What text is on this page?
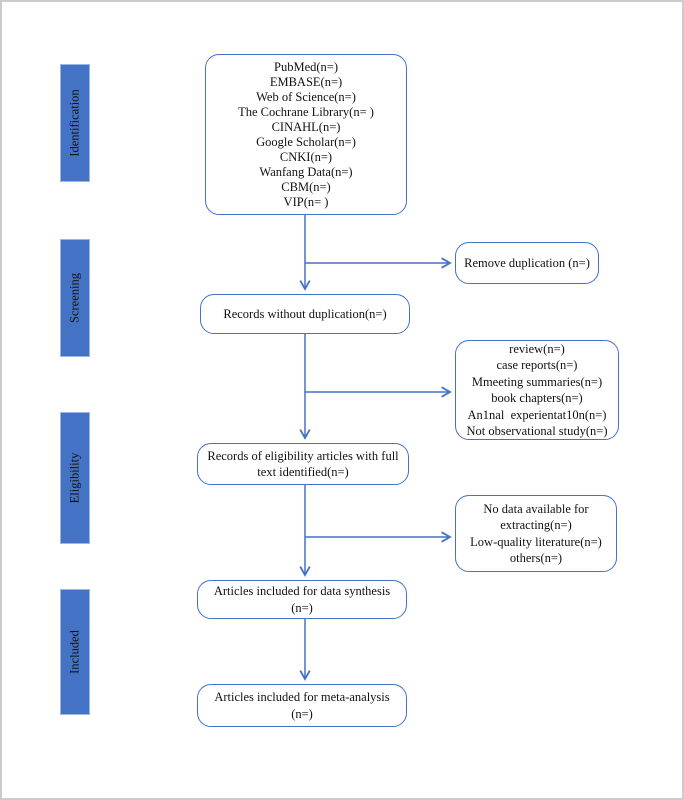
Identification
Screening
Eligibility
Included
PubMed(n=)
EMBASE(n=)
Web of Science(n=)
The Cochrane Library(n= )
CINAHL(n=)
Google Scholar(n=)
CNKI(n=)
Wanfang Data(n=)
CBM(n=)
VIP(n= )
Remove duplication (n=)
Records without duplication(n=)
review(n=)
case reports(n=)
Mmeeting summaries(n=)
book chapters(n=)
An1nal  experientat10n(n=)
Not observational study(n=)
Records of eligibility articles with full
text identified(n=)
No data available for
extracting(n=)
Low-quality literature(n=)
others(n=)
Articles included for data synthesis
(n=)
Articles included for meta-analysis
(n=)
